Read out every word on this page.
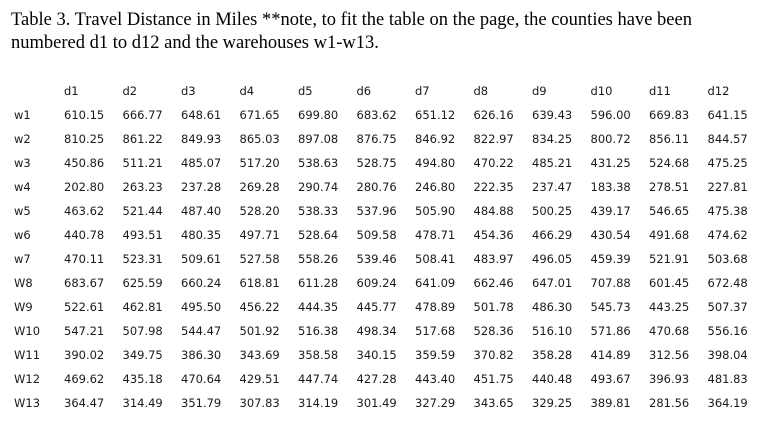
Table 3. Travel Distance in Miles **note, to fit the table on the page, the counties have been
numbered d1 to d12 and the warehouses w1-w13.
	d1	d2	d3	d4	d5	d6	d7	d8	d9	d10	d11	d12
w1	610.15	666.77	648.61	671.65	699.80	683.62	651.12	626.16	639.43	596.00	669.83	641.15
w2	810.25	861.22	849.93	865.03	897.08	876.75	846.92	822.97	834.25	800.72	856.11	844.57
w3	450.86	511.21	485.07	517.20	538.63	528.75	494.80	470.22	485.21	431.25	524.68	475.25
w4	202.80	263.23	237.28	269.28	290.74	280.76	246.80	222.35	237.47	183.38	278.51	227.81
w5	463.62	521.44	487.40	528.20	538.33	537.96	505.90	484.88	500.25	439.17	546.65	475.38
w6	440.78	493.51	480.35	497.71	528.64	509.58	478.71	454.36	466.29	430.54	491.68	474.62
w7	470.11	523.31	509.61	527.58	558.26	539.46	508.41	483.97	496.05	459.39	521.91	503.68
W8	683.67	625.59	660.24	618.81	611.28	609.24	641.09	662.46	647.01	707.88	601.45	672.48
W9	522.61	462.81	495.50	456.22	444.35	445.77	478.89	501.78	486.30	545.73	443.25	507.37
W10	547.21	507.98	544.47	501.92	516.38	498.34	517.68	528.36	516.10	571.86	470.68	556.16
W11	390.02	349.75	386.30	343.69	358.58	340.15	359.59	370.82	358.28	414.89	312.56	398.04
W12	469.62	435.18	470.64	429.51	447.74	427.28	443.40	451.75	440.48	493.67	396.93	481.83
W13	364.47	314.49	351.79	307.83	314.19	301.49	327.29	343.65	329.25	389.81	281.56	364.19
